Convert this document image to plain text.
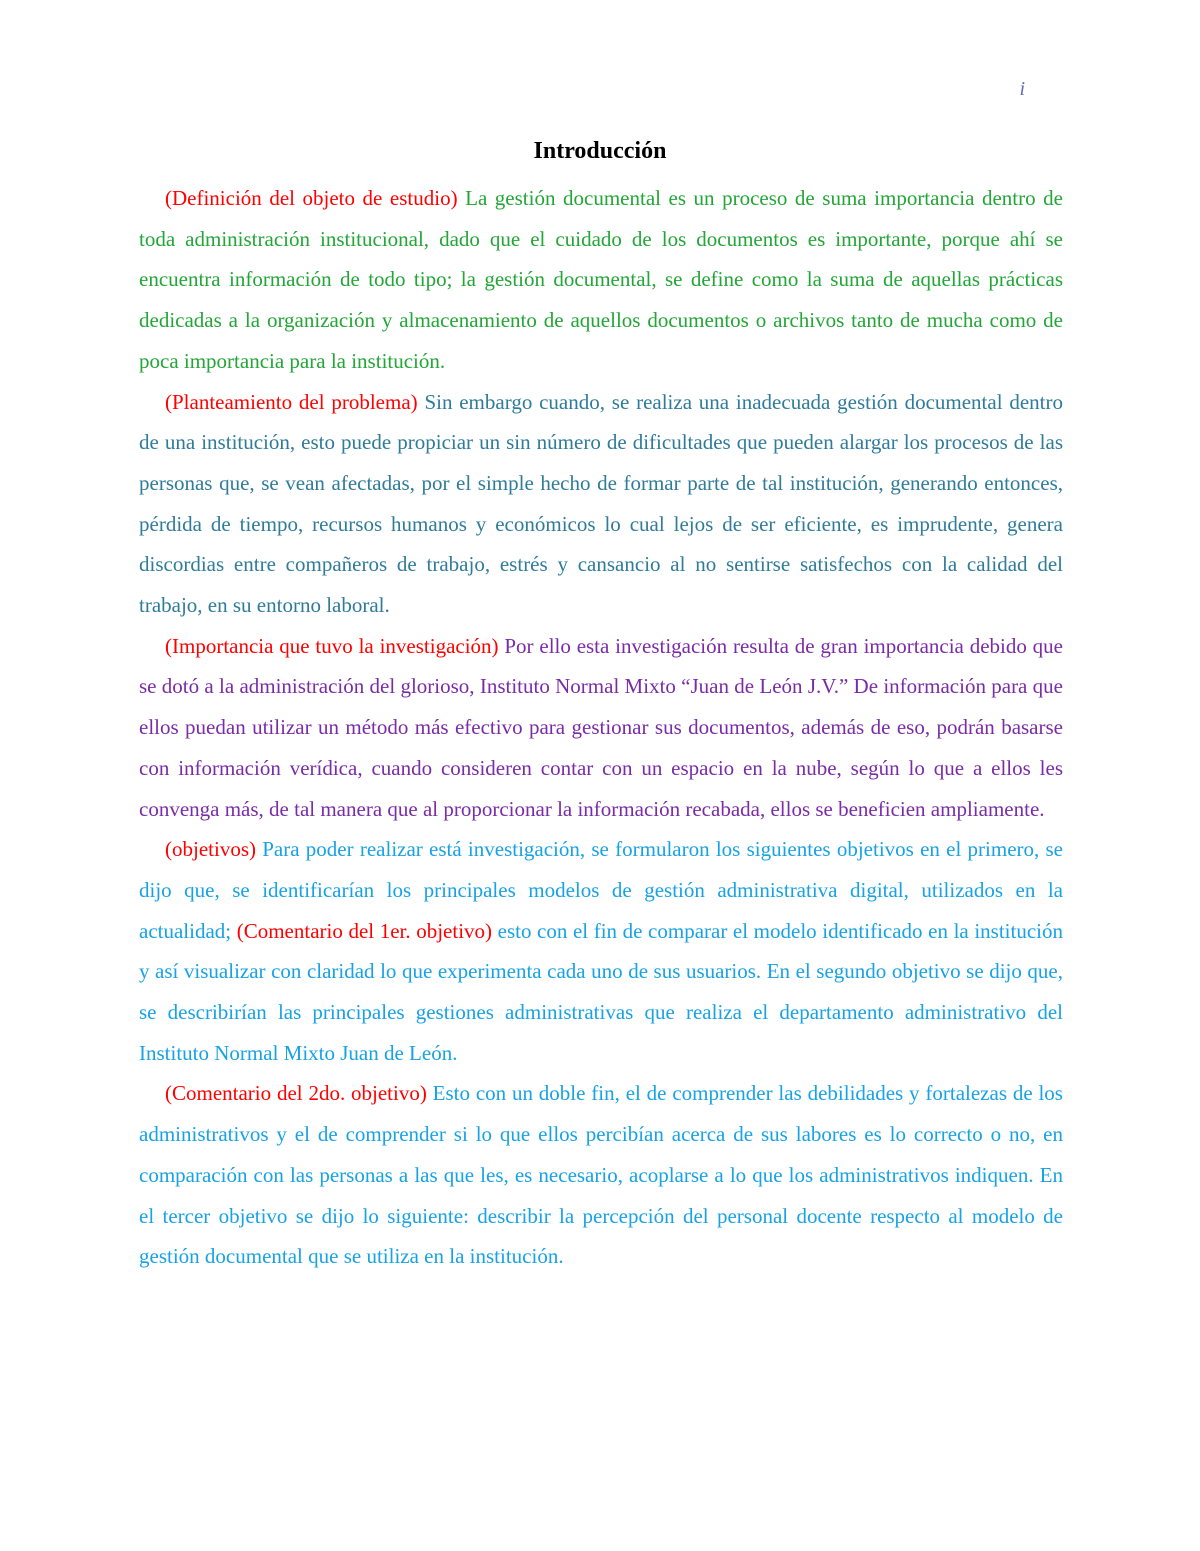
i
Introducción

(Definición del objeto de estudio) La gestión documental es un proceso de suma importancia dentro de toda administración institucional, dado que el cuidado de los documentos es importante, porque ahí se encuentra información de todo tipo; la gestión documental, se define como la suma de aquellas prácticas dedicadas a la organización y almacenamiento de aquellos documentos o archivos tanto de mucha como de poca importancia para la institución.

(Planteamiento del problema) Sin embargo cuando, se realiza una inadecuada gestión documental dentro de una institución, esto puede propiciar un sin número de dificultades que pueden alargar los procesos de las personas que, se vean afectadas, por el simple hecho de formar parte de tal institución, generando entonces, pérdida de tiempo, recursos humanos y económicos lo cual lejos de ser eficiente, es imprudente, genera discordias entre compañeros de trabajo, estrés y cansancio al no sentirse satisfechos con la calidad del trabajo, en su entorno laboral.

(Importancia que tuvo la investigación) Por ello esta investigación resulta de gran importancia debido que se dotó a la administración del glorioso, Instituto Normal Mixto “Juan de León J.V.” De información para que ellos puedan utilizar un método más efectivo para gestionar sus documentos, además de eso, podrán basarse con información verídica, cuando consideren contar con un espacio en la nube, según lo que a ellos les convenga más, de tal manera que al proporcionar la información recabada, ellos se beneficien ampliamente.

(objetivos) Para poder realizar está investigación, se formularon los siguientes objetivos en el primero, se dijo que, se identificarían los principales modelos de gestión administrativa digital, utilizados en la actualidad; (Comentario del 1er. objetivo) esto con el fin de comparar el modelo identificado en la institución y así visualizar con claridad lo que experimenta cada uno de sus usuarios. En el segundo objetivo se dijo que, se describirían las principales gestiones administrativas que realiza el departamento administrativo del Instituto Normal Mixto Juan de León.

(Comentario del 2do. objetivo) Esto con un doble fin, el de comprender las debilidades y fortalezas de los administrativos y el de comprender si lo que ellos percibían acerca de sus labores es lo correcto o no, en comparación con las personas a las que les, es necesario, acoplarse a lo que los administrativos indiquen. En el tercer objetivo se dijo lo siguiente: describir la percepción del personal docente respecto al modelo de gestión documental que se utiliza en la institución.
